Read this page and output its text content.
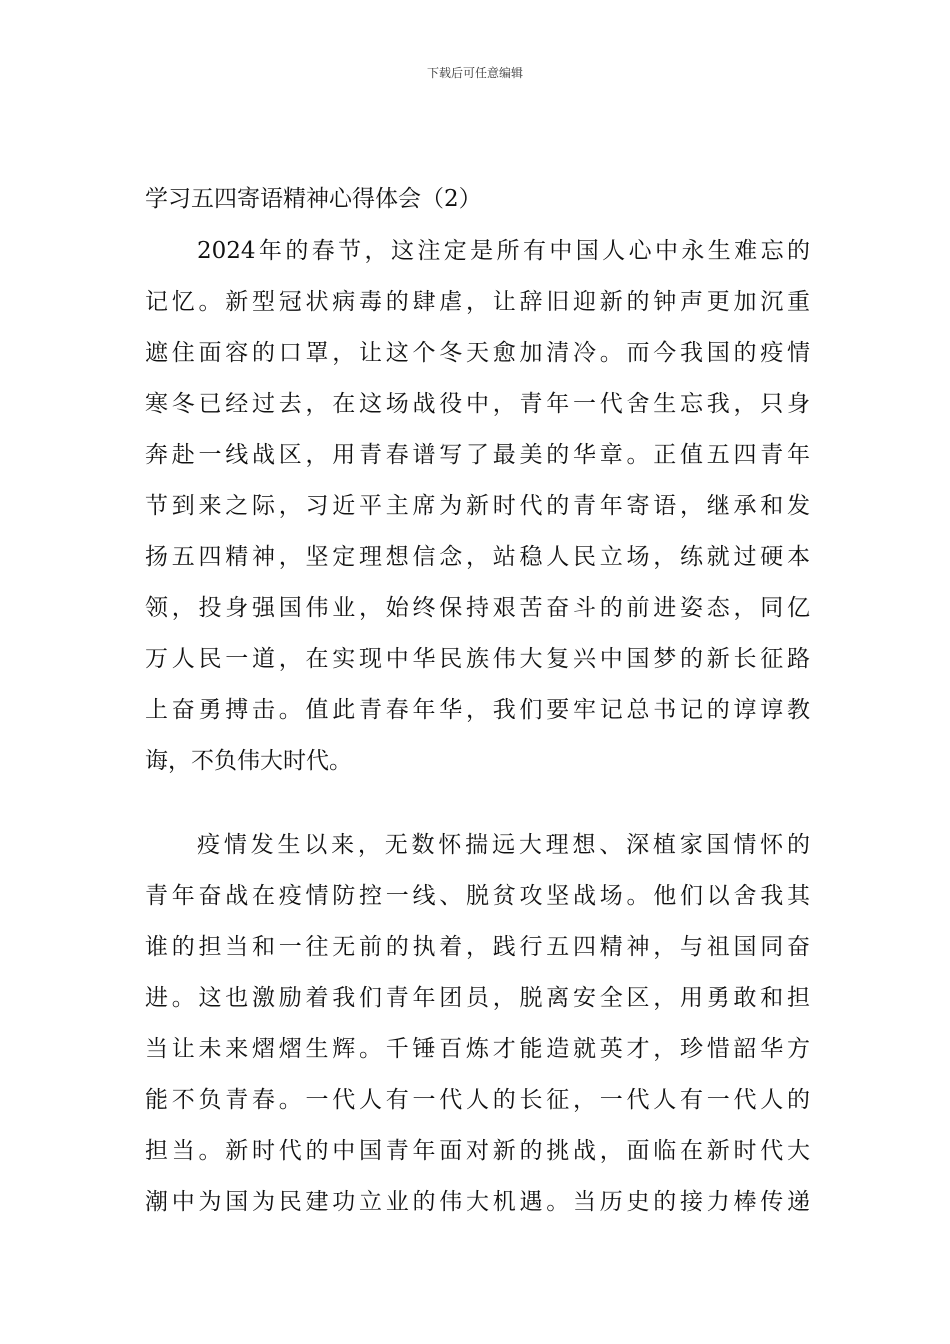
下载后可任意编辑
学习五四寄语精神心得体会（2）
2024年的春节，这注定是所有中国人心中永生难忘的
记忆。新型冠状病毒的肆虐，让辞旧迎新的钟声更加沉重
遮住面容的口罩，让这个冬天愈加清冷。而今我国的疫情
寒冬已经过去，在这场战役中，青年一代舍生忘我，只身
奔赴一线战区，用青春谱写了最美的华章。正值五四青年
节到来之际，习近平主席为新时代的青年寄语，继承和发
扬五四精神，坚定理想信念，站稳人民立场，练就过硬本
领，投身强国伟业，始终保持艰苦奋斗的前进姿态，同亿
万人民一道，在实现中华民族伟大复兴中国梦的新长征路
上奋勇搏击。值此青春年华，我们要牢记总书记的谆谆教
诲，不负伟大时代。
疫情发生以来，无数怀揣远大理想、深植家国情怀的
青年奋战在疫情防控一线、脱贫攻坚战场。他们以舍我其
谁的担当和一往无前的执着，践行五四精神，与祖国同奋
进。这也激励着我们青年团员，脱离安全区，用勇敢和担
当让未来熠熠生辉。千锤百炼才能造就英才，珍惜韶华方
能不负青春。一代人有一代人的长征，一代人有一代人的
担当。新时代的中国青年面对新的挑战，面临在新时代大
潮中为国为民建功立业的伟大机遇。当历史的接力棒传递
